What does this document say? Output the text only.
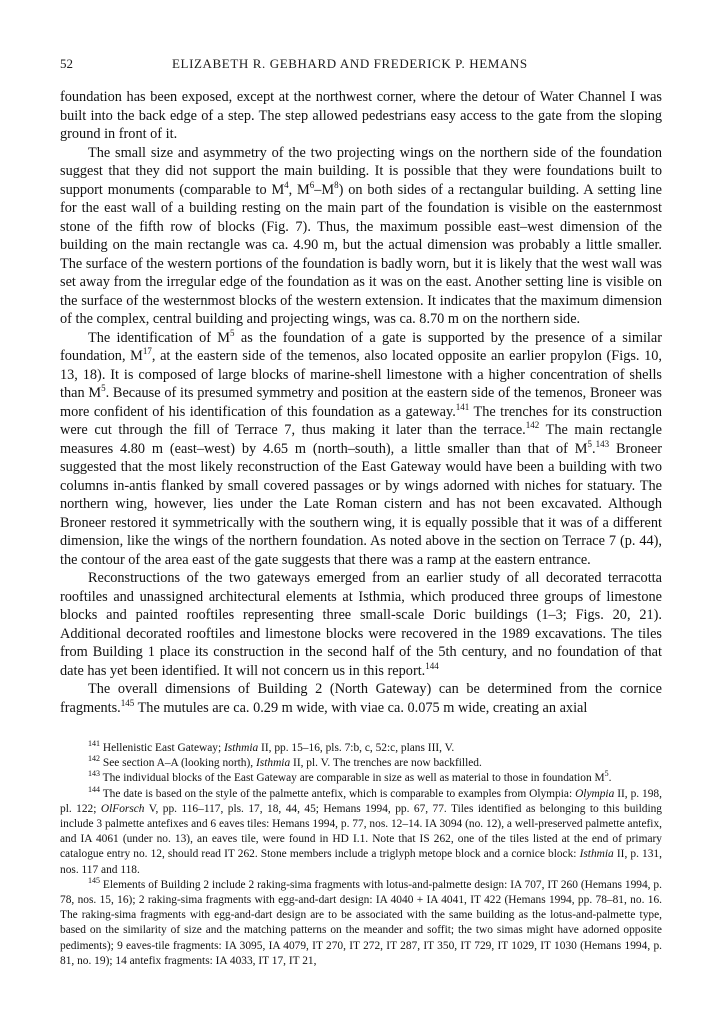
52	ELIZABETH R. GEBHARD AND FREDERICK P. HEMANS

foundation has been exposed, except at the northwest corner, where the detour of Water Channel I was built into the back edge of a step. The step allowed pedestrians easy access to the gate from the sloping ground in front of it.

The small size and asymmetry of the two projecting wings on the northern side of the foundation suggest that they did not support the main building. It is possible that they were foundations built to support monuments (comparable to $M^4$, $M^6-M^8$) on both sides of a rectangular building. A setting line for the east wall of a building resting on the main part of the foundation is visible on the easternmost stone of the fifth row of blocks (Fig. 7). Thus, the maximum possible east–west dimension of the building on the main rectangle was ca. 4.90 m, but the actual dimension was probably a little smaller. The surface of the western portions of the foundation is badly worn, but it is likely that the west wall was set away from the irregular edge of the foundation as it was on the east. Another setting line is visible on the surface of the westernmost blocks of the western extension. It indicates that the maximum dimension of the complex, central building and projecting wings, was ca. 8.70 m on the northern side.

The identification of $M^5$ as the foundation of a gate is supported by the presence of a similar foundation, $M^{17}$, at the eastern side of the temenos, also located opposite an earlier propylon (Figs. 10, 13, 18). It is composed of large blocks of marine-shell limestone with a higher concentration of shells than $M^5$. Because of its presumed symmetry and position at the eastern side of the temenos, Broneer was more confident of his identification of this foundation as a gateway.$^{141}$ The trenches for its construction were cut through the fill of Terrace 7, thus making it later than the terrace.$^{142}$ The main rectangle measures 4.80 m (east–west) by 4.65 m (north–south), a little smaller than that of $M^5.^{143}$ Broneer suggested that the most likely reconstruction of the East Gateway would have been a building with two columns in-antis flanked by small covered passages or by wings adorned with niches for statuary. The northern wing, however, lies under the Late Roman cistern and has not been excavated. Although Broneer restored it symmetrically with the southern wing, it is equally possible that it was of a different dimension, like the wings of the northern foundation. As noted above in the section on Terrace 7 (p. 44), the contour of the area east of the gate suggests that there was a ramp at the eastern entrance.

Reconstructions of the two gateways emerged from an earlier study of all decorated terracotta rooftiles and unassigned architectural elements at Isthmia, which produced three groups of limestone blocks and painted rooftiles representing three small-scale Doric buildings (1–3; Figs. 20, 21). Additional decorated rooftiles and limestone blocks were recovered in the 1989 excavations. The tiles from Building 1 place its construction in the second half of the 5th century, and no foundation of that date has yet been identified. It will not concern us in this report.$^{144}$

The overall dimensions of Building 2 (North Gateway) can be determined from the cornice fragments.$^{145}$ The mutules are ca. 0.29 m wide, with viae ca. 0.075 m wide, creating an axial

$^{141}$ Hellenistic East Gateway; Isthmia II, pp. 15–16, pls. 7:b, c, 52:c, plans III, V.

$^{142}$ See section A–A (looking north), Isthmia II, pl. V. The trenches are now backfilled.

$^{143}$ The individual blocks of the East Gateway are comparable in size as well as material to those in foundation $M^5$.

$^{144}$ The date is based on the style of the palmette antefix, which is comparable to examples from Olympia: Olympia II, p. 198, pl. 122; OlForsch V, pp. 116–117, pls. 17, 18, 44, 45; Hemans 1994, pp. 67, 77. Tiles identified as belonging to this building include 3 palmette antefixes and 6 eaves tiles: Hemans 1994, p. 77, nos. 12–14. IA 3094 (no. 12), a well-preserved palmette antefix, and IA 4061 (under no. 13), an eaves tile, were found in HD I.1. Note that IS 262, one of the tiles listed at the end of primary catalogue entry no. 12, should read IT 262. Stone members include a triglyph metope block and a cornice block: Isthmia II, p. 131, nos. 117 and 118.

$^{145}$ Elements of Building 2 include 2 raking-sima fragments with lotus-and-palmette design: IA 707, IT 260 (Hemans 1994, p. 78, nos. 15, 16); 2 raking-sima fragments with egg-and-dart design: IA 4040 + IA 4041, IT 422 (Hemans 1994, pp. 78–81, no. 16. The raking-sima fragments with egg-and-dart design are to be associated with the same building as the lotus-and-palmette type, based on the similarity of size and the matching patterns on the meander and soffit; the two simas might have adorned opposite pediments); 9 eaves-tile fragments: IA 3095, IA 4079, IT 270, IT 272, IT 287, IT 350, IT 729, IT 1029, IT 1030 (Hemans 1994, p. 81, no. 19); 14 antefix fragments: IA 4033, IT 17, IT 21,
